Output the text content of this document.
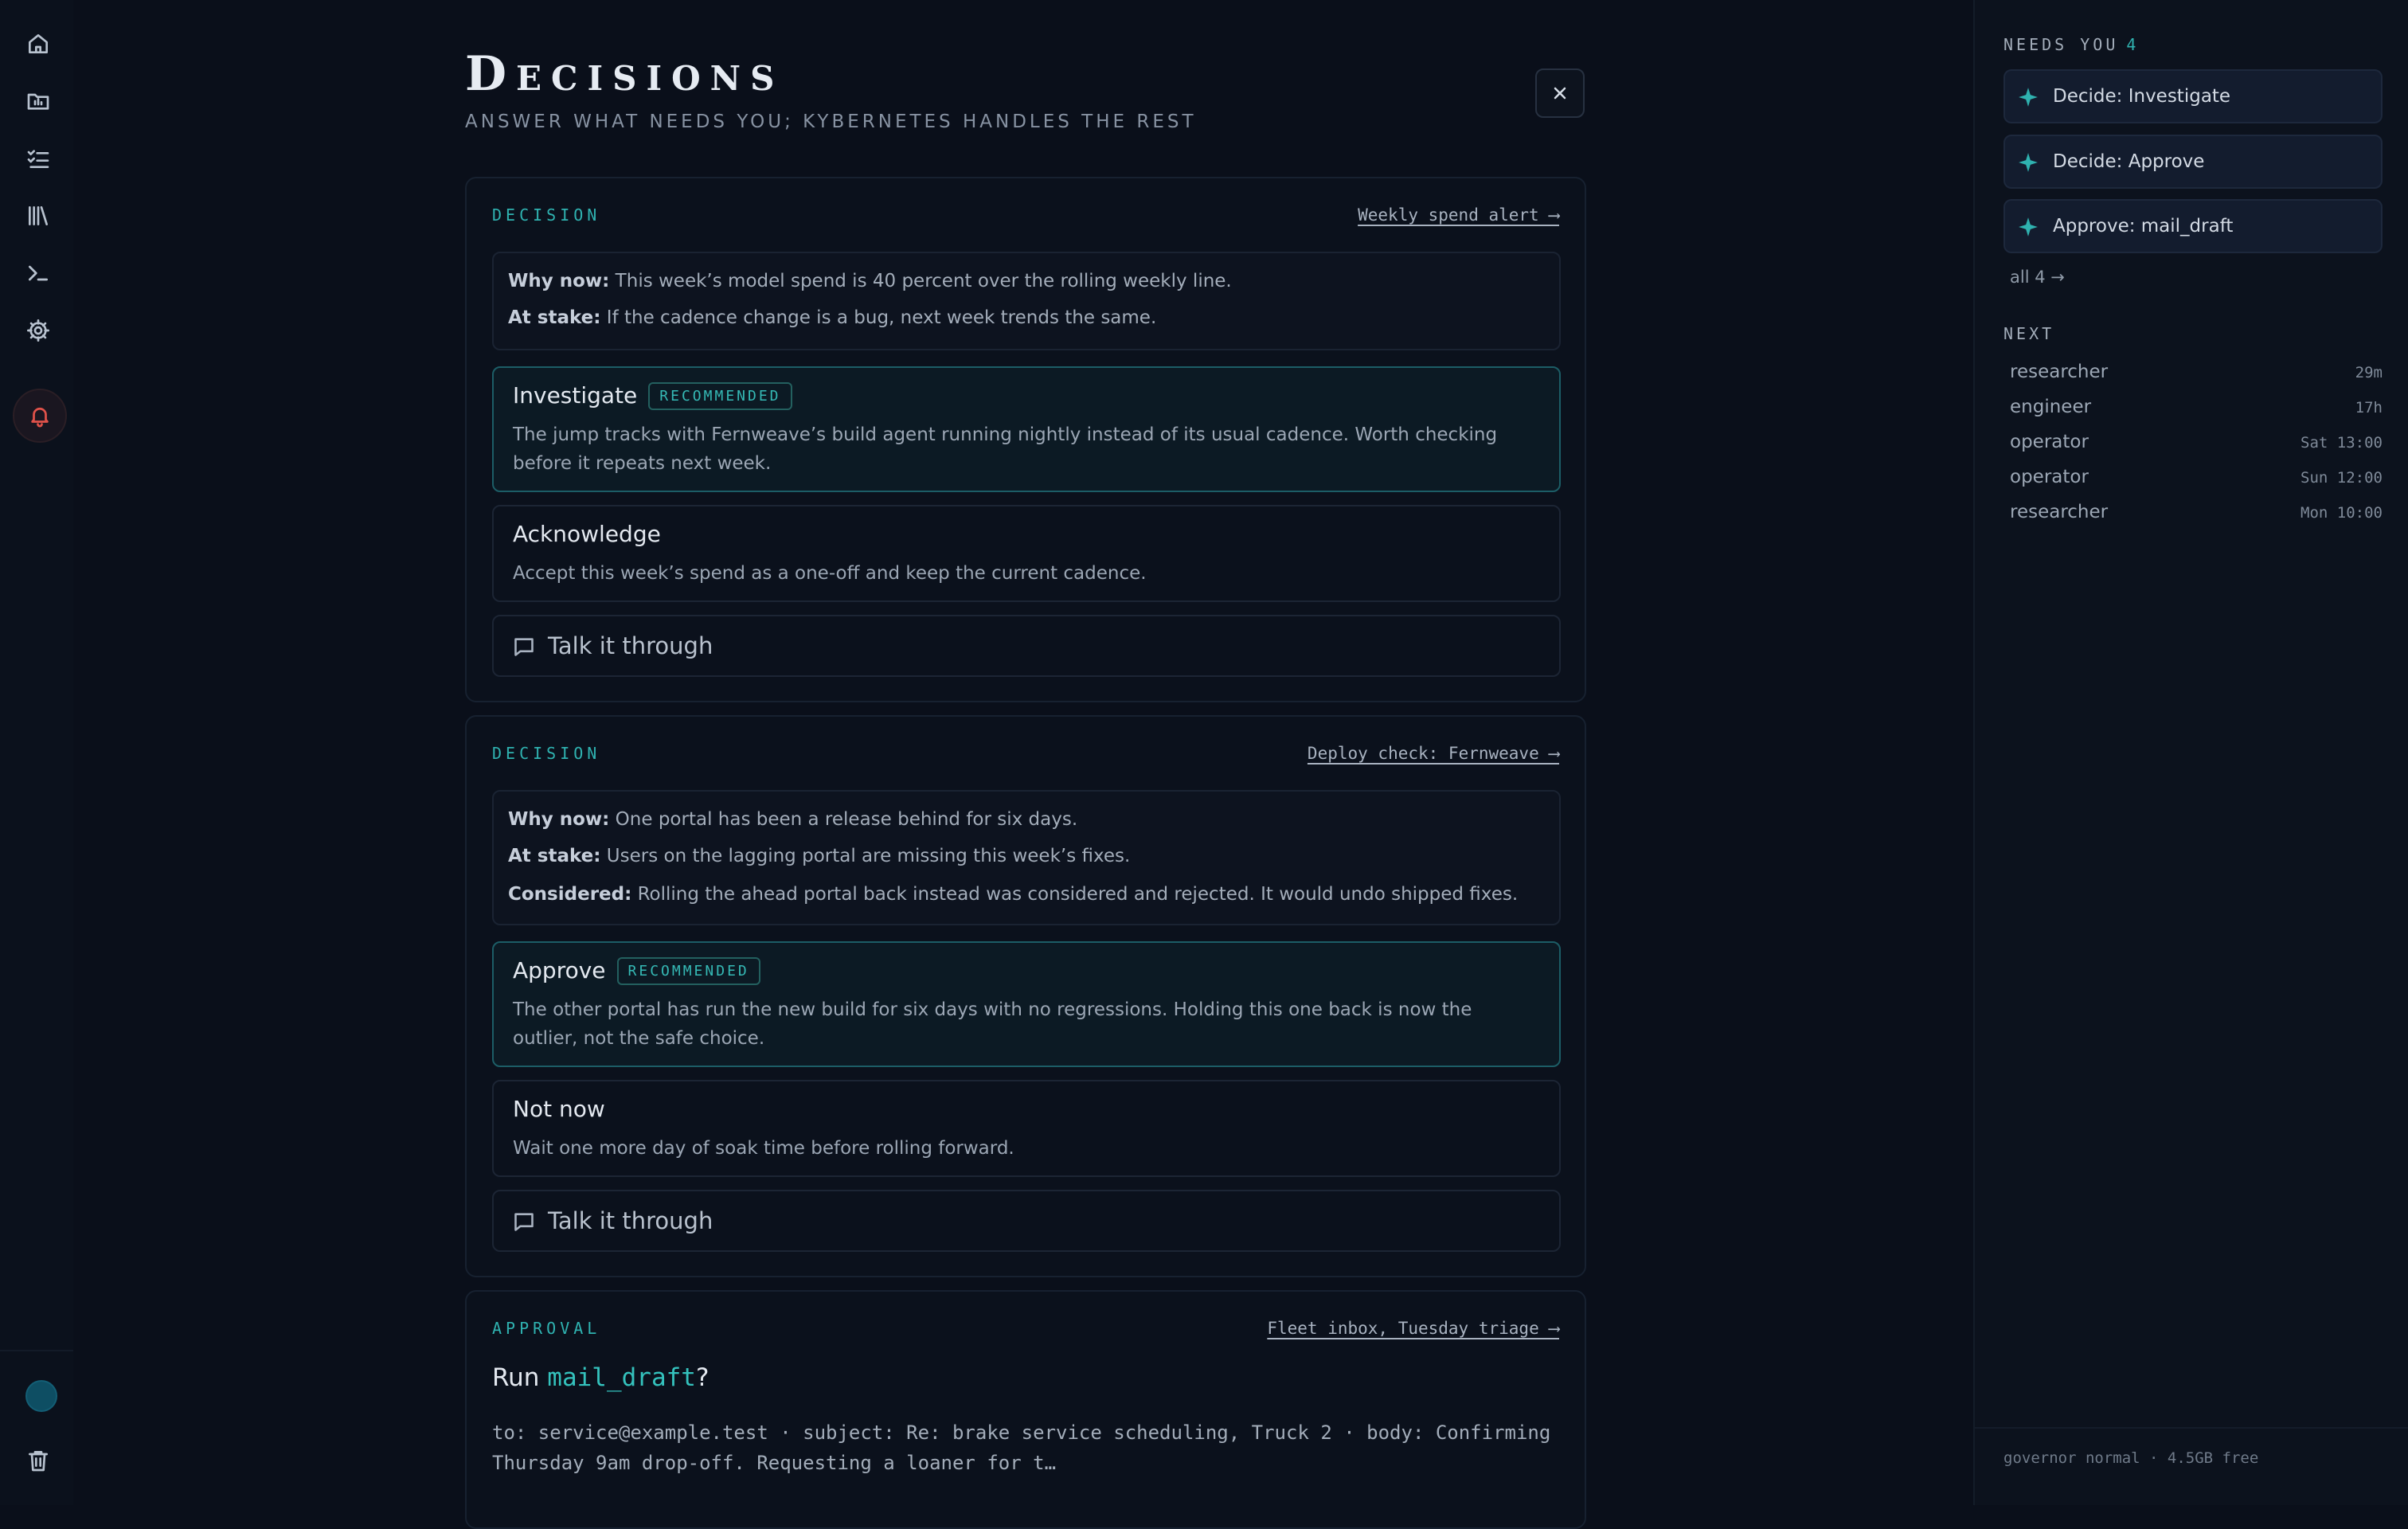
Decisions
ANSWER WHAT NEEDS YOU; KYBERNETES HANDLES THE REST
DECISION	Weekly spend alert ⟶
Why now: This week’s model spend is 40 percent over the rolling weekly line.
At stake: If the cadence change is a bug, next week trends the same.
Investigate RECOMMENDED
The jump tracks with Fernweave’s build agent running nightly instead of its usual cadence. Worth checking before it repeats next week.
Acknowledge
Accept this week’s spend as a one-off and keep the current cadence.
Talk it through
DECISION	Deploy check: Fernweave ⟶
Why now: One portal has been a release behind for six days.
At stake: Users on the lagging portal are missing this week’s fixes.
Considered: Rolling the ahead portal back instead was considered and rejected. It would undo shipped fixes.
Approve RECOMMENDED
The other portal has run the new build for six days with no regressions. Holding this one back is now the outlier, not the safe choice.
Not now
Wait one more day of soak time before rolling forward.
Talk it through
APPROVAL	Fleet inbox, Tuesday triage ⟶
Run mail_draft?
to: service@example.test · subject: Re: brake service scheduling, Truck 2 · body: Confirming Thursday 9am drop-off. Requesting a loaner for t…
NEEDS YOU 4
Decide: Investigate
Decide: Approve
Approve: mail_draft
all 4 →
NEXT
researcher	29m
engineer	17h
operator	Sat 13:00
operator	Sun 12:00
researcher	Mon 10:00
governor normal · 4.5GB free
